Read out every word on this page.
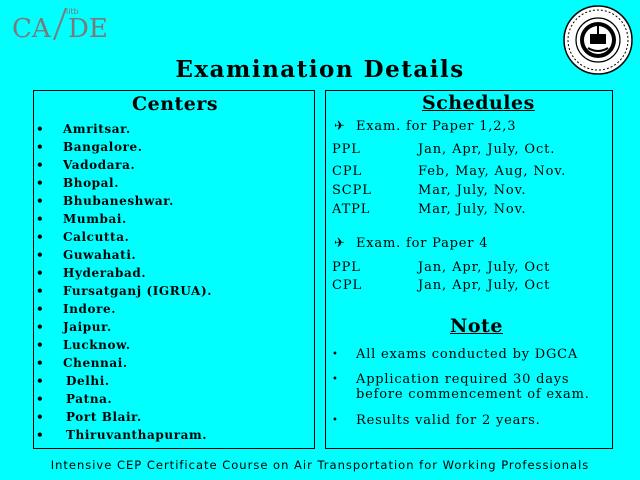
CA DE
iitb
Examination Details
Centers
• Amritsar.
• Bangalore.
• Vadodara.
• Bhopal.
• Bhubaneshwar.
• Mumbai.
• Calcutta.
• Guwahati.
• Hyderabad.
• Fursatganj (IGRUA).
• Indore.
• Jaipur.
• Lucknow.
• Chennai.
• Delhi.
• Patna.
• Port Blair.
• Thiruvanthapuram.
Schedules
✈ Exam. for Paper 1,2,3
PPL	Jan, Apr, July, Oct.
CPL	Feb, May, Aug, Nov.
SCPL	Mar, July, Nov.
ATPL	Mar, July, Nov.
✈ Exam. for Paper 4
PPL	Jan, Apr, July, Oct
CPL	Jan, Apr, July, Oct
Note
• All exams conducted by DGCA
• Application required 30 days before commencement of exam.
• Results valid for 2 years.
Intensive CEP Certificate Course on Air Transportation for Working Professionals
